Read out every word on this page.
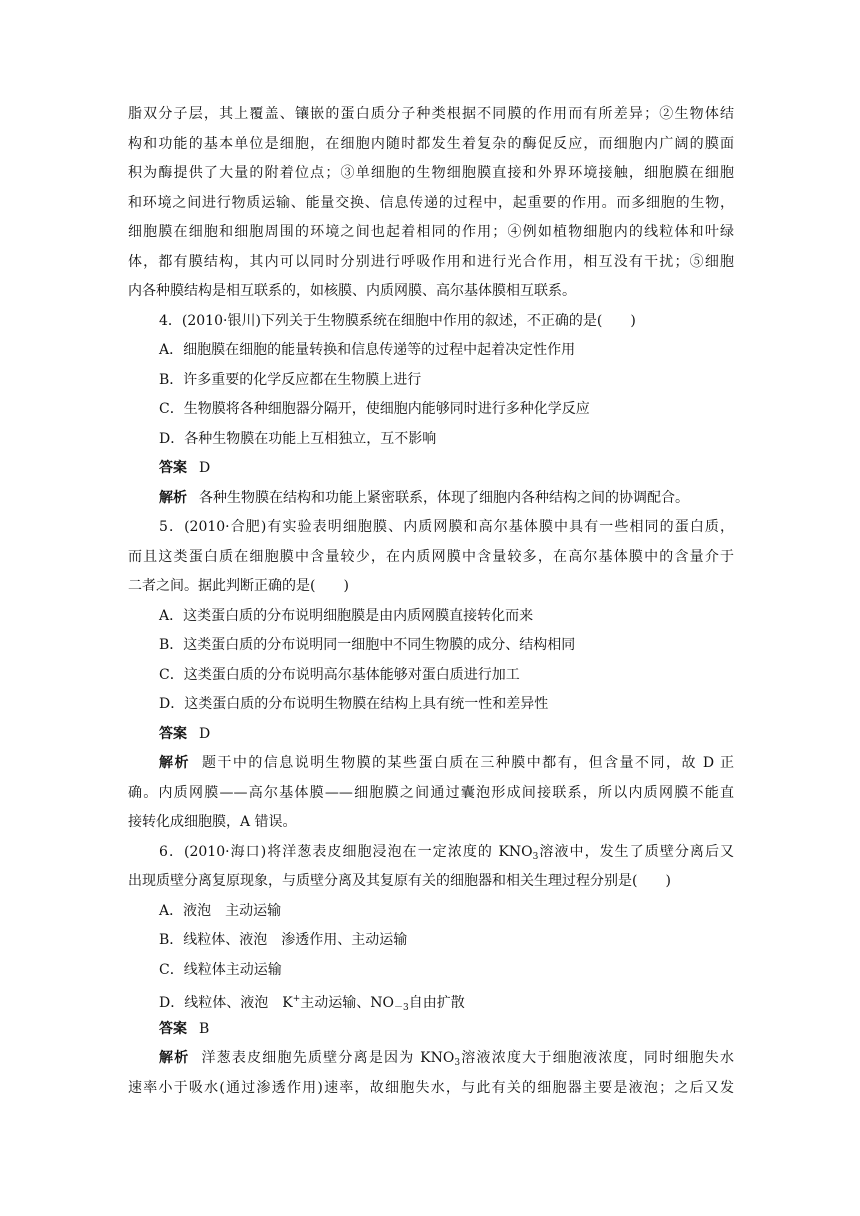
脂双分子层，其上覆盖、镶嵌的蛋白质分子种类根据不同膜的作用而有所差异；②生物体结
构和功能的基本单位是细胞，在细胞内随时都发生着复杂的酶促反应，而细胞内广阔的膜面
积为酶提供了大量的附着位点；③单细胞的生物细胞膜直接和外界环境接触，细胞膜在细胞
和环境之间进行物质运输、能量交换、信息传递的过程中，起重要的作用。而多细胞的生物，
细胞膜在细胞和细胞周围的环境之间也起着相同的作用；④例如植物细胞内的线粒体和叶绿
体，都有膜结构，其内可以同时分别进行呼吸作用和进行光合作用，相互没有干扰；⑤细胞
内各种膜结构是相互联系的，如核膜、内质网膜、高尔基体膜相互联系。
4．(2010·银川)下列关于生物膜系统在细胞中作用的叙述，不正确的是(　　)
A．细胞膜在细胞的能量转换和信息传递等的过程中起着决定性作用
B．许多重要的化学反应都在生物膜上进行
C．生物膜将各种细胞器分隔开，使细胞内能够同时进行多种化学反应
D．各种生物膜在功能上互相独立，互不影响
答案 D
解析 各种生物膜在结构和功能上紧密联系，体现了细胞内各种结构之间的协调配合。
5．(2010·合肥)有实验表明细胞膜、内质网膜和高尔基体膜中具有一些相同的蛋白质，
而且这类蛋白质在细胞膜中含量较少，在内质网膜中含量较多，在高尔基体膜中的含量介于
二者之间。据此判断正确的是(　　)
A．这类蛋白质的分布说明细胞膜是由内质网膜直接转化而来
B．这类蛋白质的分布说明同一细胞中不同生物膜的成分、结构相同
C．这类蛋白质的分布说明高尔基体能够对蛋白质进行加工
D．这类蛋白质的分布说明生物膜在结构上具有统一性和差异性
答案 D
解析 题干中的信息说明生物膜的某些蛋白质在三种膜中都有，但含量不同，故 D 正
确。内质网膜——高尔基体膜——细胞膜之间通过囊泡形成间接联系，所以内质网膜不能直
接转化成细胞膜，A 错误。
6．(2010·海口)将洋葱表皮细胞浸泡在一定浓度的 $KNO_3$溶液中，发生了质壁分离后又
出现质壁分离复原现象，与质壁分离及其复原有关的细胞器和相关生理过程分别是(　　)
A．液泡　主动运输
B．线粒体、液泡　渗透作用、主动运输
C．线粒体主动运输
D．线粒体、液泡　K+主动运输、$NO_{-3}$自由扩散
答案 B
解析 洋葱表皮细胞先质壁分离是因为 $KNO_3$溶液浓度大于细胞液浓度，同时细胞失水
速率小于吸水(通过渗透作用)速率，故细胞失水，与此有关的细胞器主要是液泡；之后又发
